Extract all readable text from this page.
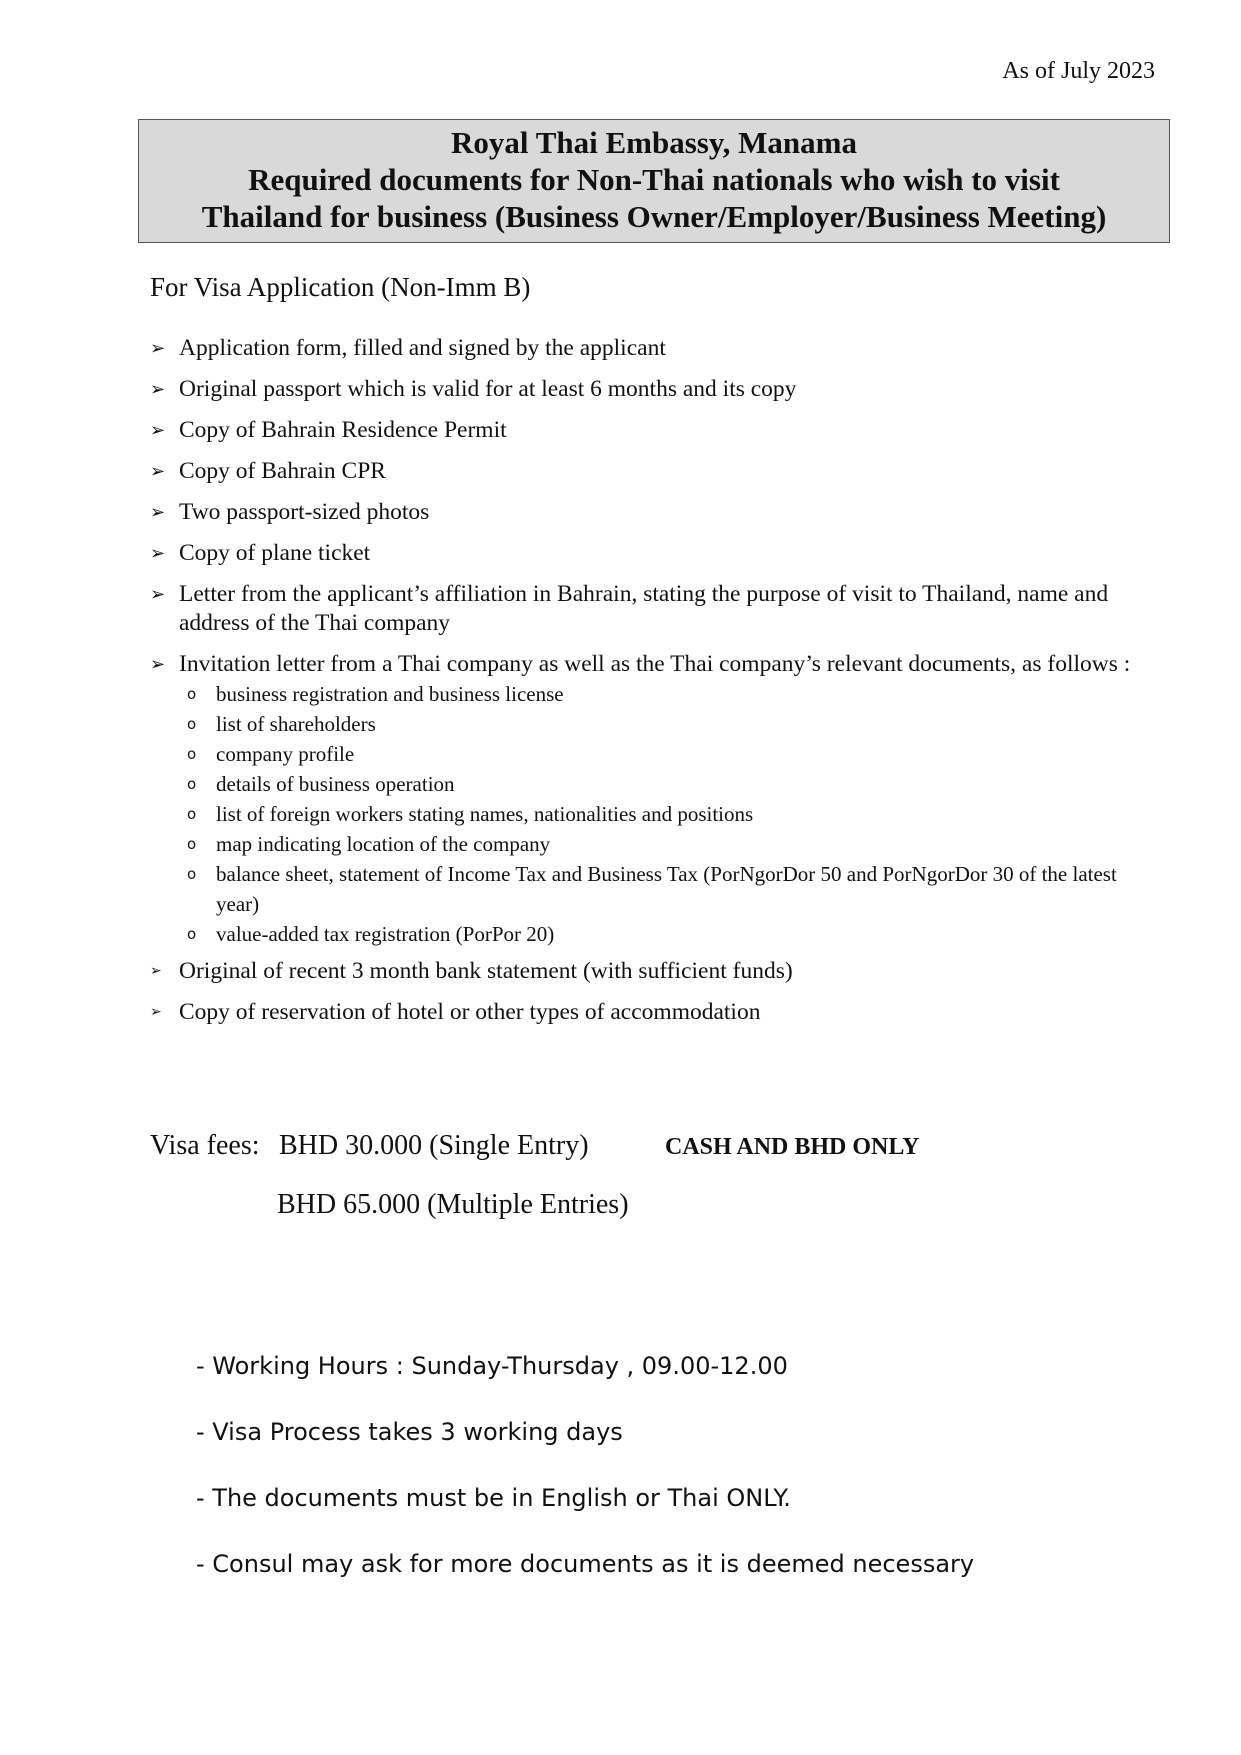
As of July 2023
Royal Thai Embassy, Manama
Required documents for Non-Thai nationals who wish to visit
Thailand for business (Business Owner/Employer/Business Meeting)
For Visa Application (Non-Imm B)
➢ Application form, filled and signed by the applicant
➢ Original passport which is valid for at least 6 months and its copy
➢ Copy of Bahrain Residence Permit
➢ Copy of Bahrain CPR
➢ Two passport-sized photos
➢ Copy of plane ticket
➢ Letter from the applicant’s affiliation in Bahrain, stating the purpose of visit to Thailand, name and address of the Thai company
➢ Invitation letter from a Thai company as well as the Thai company’s relevant documents, as follows :
o business registration and business license
o list of shareholders
o company profile
o details of business operation
o list of foreign workers stating names, nationalities and positions
o map indicating location of the company
o balance sheet, statement of Income Tax and Business Tax (PorNgorDor 50 and PorNgorDor 30 of the latest year)
o value-added tax registration (PorPor 20)
➢ Original of recent 3 month bank statement (with sufficient funds)
➢ Copy of reservation of hotel or other types of accommodation
Visa fees: BHD 30.000 (Single Entry)	CASH AND BHD ONLY
BHD 65.000 (Multiple Entries)
- Working Hours : Sunday-Thursday , 09.00-12.00
- Visa Process takes 3 working days
- The documents must be in English or Thai ONLY.
- Consul may ask for more documents as it is deemed necessary
